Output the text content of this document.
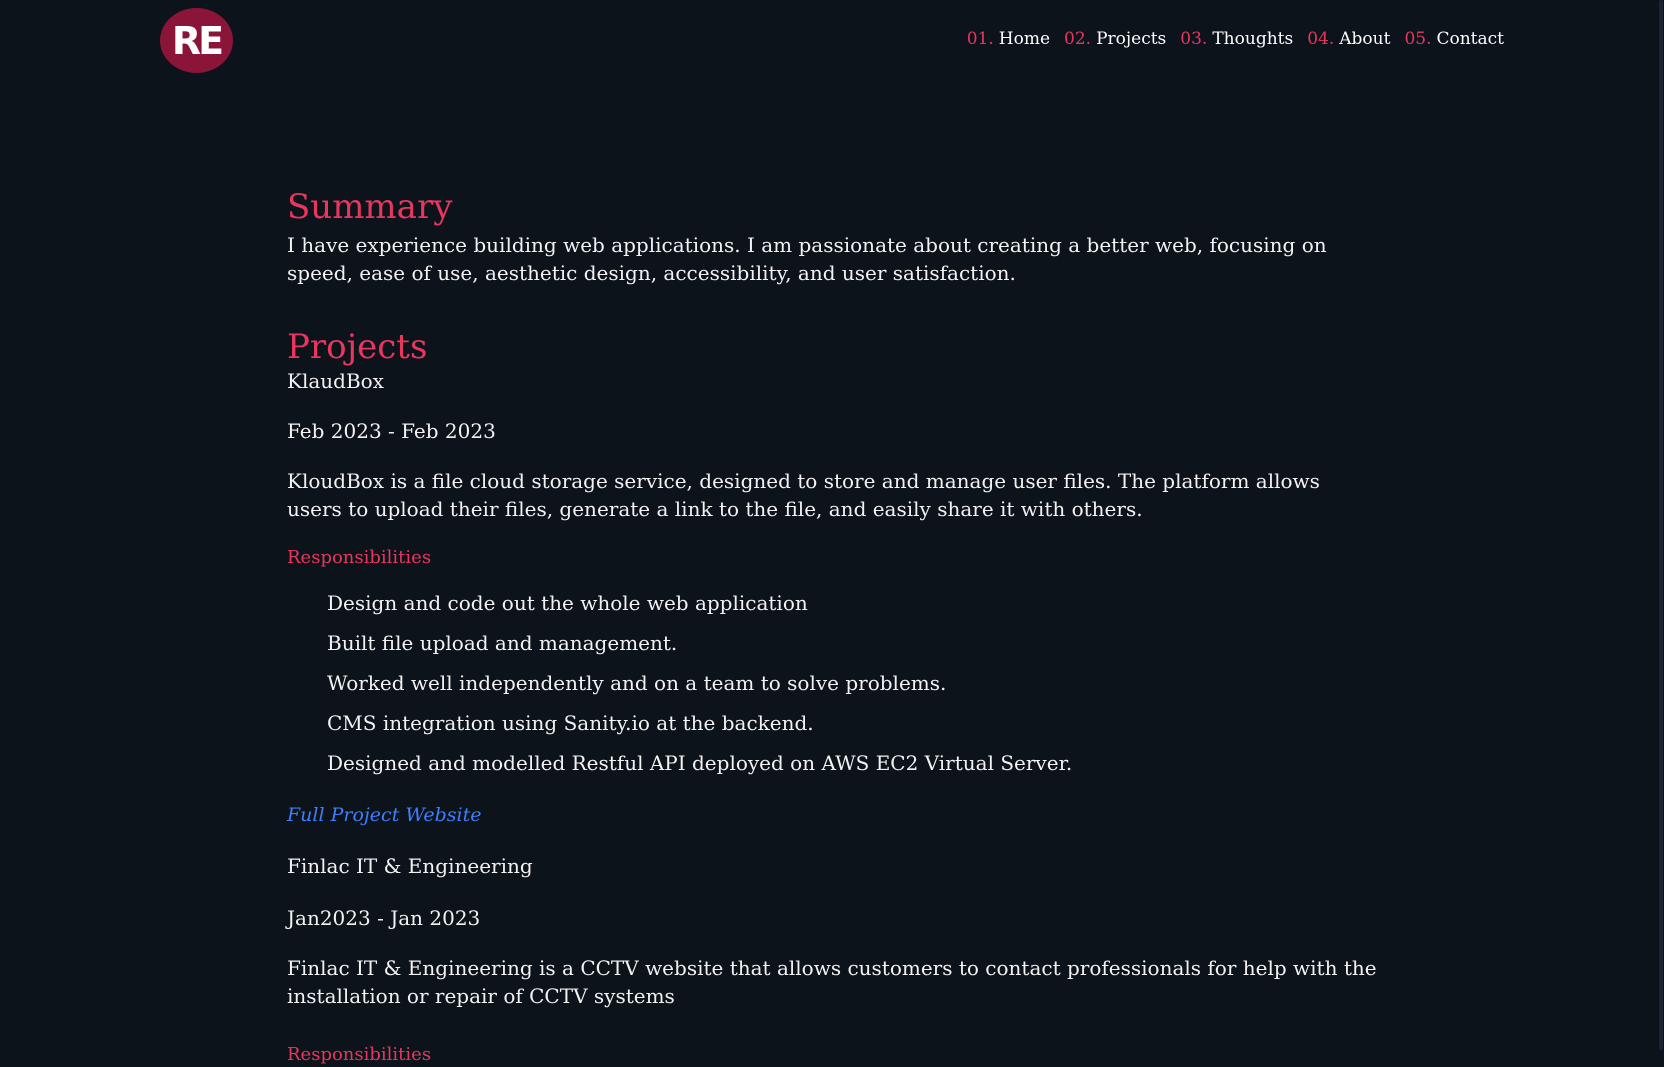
RE	01. Home 02. Projects 03. Thoughts 04. About 05. Contact
Summary

I have experience building web applications. I am passionate about creating a better web, focusing on speed, ease of use, aesthetic design, accessibility, and user satisfaction.

Projects

KlaudBox

Feb 2023 - Feb 2023

KloudBox is a file cloud storage service, designed to store and manage user files. The platform allows users to upload their files, generate a link to the file, and easily share it with others.

Responsibilities

Design and code out the whole web application
Built file upload and management.
Worked well independently and on a team to solve problems.
CMS integration using Sanity.io at the backend.
Designed and modelled Restful API deployed on AWS EC2 Virtual Server.
Full Project Website

Finlac IT & Engineering

Jan2023 - Jan 2023

Finlac IT & Engineering is a CCTV website that allows customers to contact professionals for help with the installation or repair of CCTV systems

Responsibilities
